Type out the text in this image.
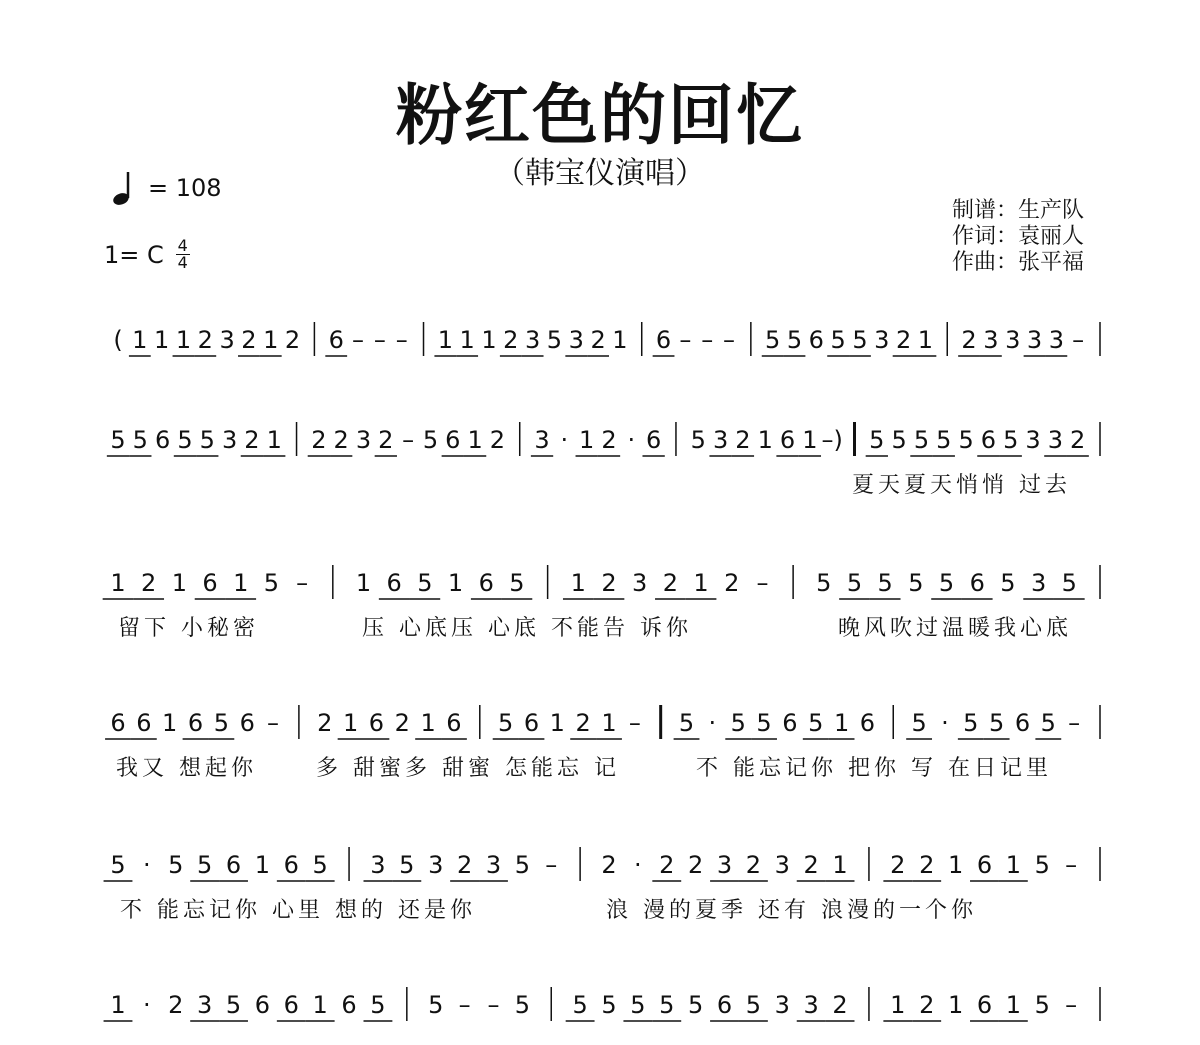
粉红色的回忆
（韩宝仪演唱）
= 108
1= C $\frac{4}{4}$
制谱：生产队
作词：袁丽人
作曲：张平福
( 1 1 1 2 3 2 1 2 6 – – – 1 1 1 2 3 5 3 2 1 6 – – – 5 5 6 5 5 3 2 1 2 3 3 3 3 –
5 5 6 5 5 3 2 1 2 2 3 2 – 5 6 1 2 3 · 1 2 · 6 5 3 2 1 6 1 –)
‖: 5 5 5 5 5 6 5 3 3 2
夏天夏天悄悄 过去
1 2 1 6 1 5 – 1 6 5 1 6 5 1 2 3 2 1 2 – 5 5 5 5 5 6 5 3 5
留下 小秘密	压 心底压 心底 不能告 诉你	晚风吹过温暖我心底
6 6 1 6 5 6 – 2 1 6 2 1 6 5 6 1 2 1 – ‖ 5 · 5 5 6 5 1 6 5 · 5 5 6 5 –
我又 想起你	多 甜蜜多 甜蜜 怎能忘 记	不 能忘记你 把你 写 在日记里
5 · 5 5 6 1 6 5 3 5 3 2 3 5 – 2 · 2 2 3 2 3 2 1 2 2 1 6 1 5 –
不 能忘记你 心里 想的 还是你	浪 漫的夏季 还有 浪漫的一个你
1 · 2 3 5 6 6 1 6 5 5 – – 5 5 5 5 5 5 6 5 3 3 2 1 2 1 6 1 5 –
